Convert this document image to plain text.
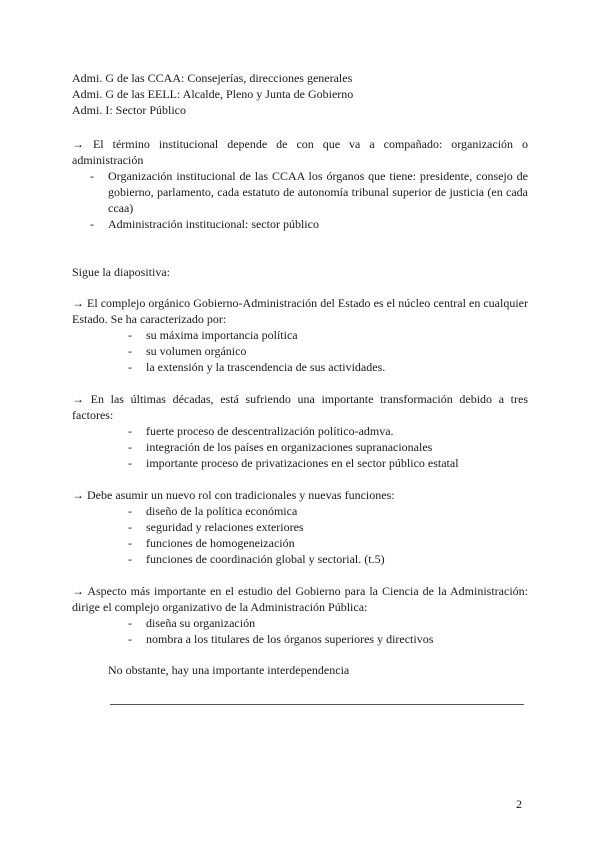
Admi. G de las CCAA: Consejerías, direcciones generales

Admi. G de las EELL: Alcalde, Pleno y Junta de Gobierno

Admi. I: Sector Público

→ El término institucional depende de con que va a compañado: organización o administración

-	Organización institucional de las CCAA los órganos que tiene: presidente, consejo de gobierno, parlamento, cada estatuto de autonomía tribunal superior de justicia (en cada ccaa)
-	Administración institucional: sector público

Sigue la diapositiva:

→ El complejo orgánico Gobierno-Administración del Estado es el núcleo central en cualquier Estado. Se ha caracterizado por:

-	su máxima importancia política
-	su volumen orgánico
-	la extensión y la trascendencia de sus actividades.

→ En las últimas décadas, está sufriendo una importante transformación debido a tres factores:

-	fuerte proceso de descentralización político-admva.
-	integración de los países en organizaciones supranacionales
-	importante proceso de privatizaciones en el sector público estatal

→ Debe asumir un nuevo rol con tradicionales y nuevas funciones:

-	diseño de la política económica
-	seguridad y relaciones exteriores
-	funciones de homogeneización
-	funciones de coordinación global y sectorial. (t.5)

→ Aspecto más importante en el estudio del Gobierno para la Ciencia de la Administración: dirige el complejo organizativo de la Administración Pública:

-	diseña su organización
-	nombra a los titulares de los órganos superiores y directivos

No obstante, hay una importante interdependencia

2
